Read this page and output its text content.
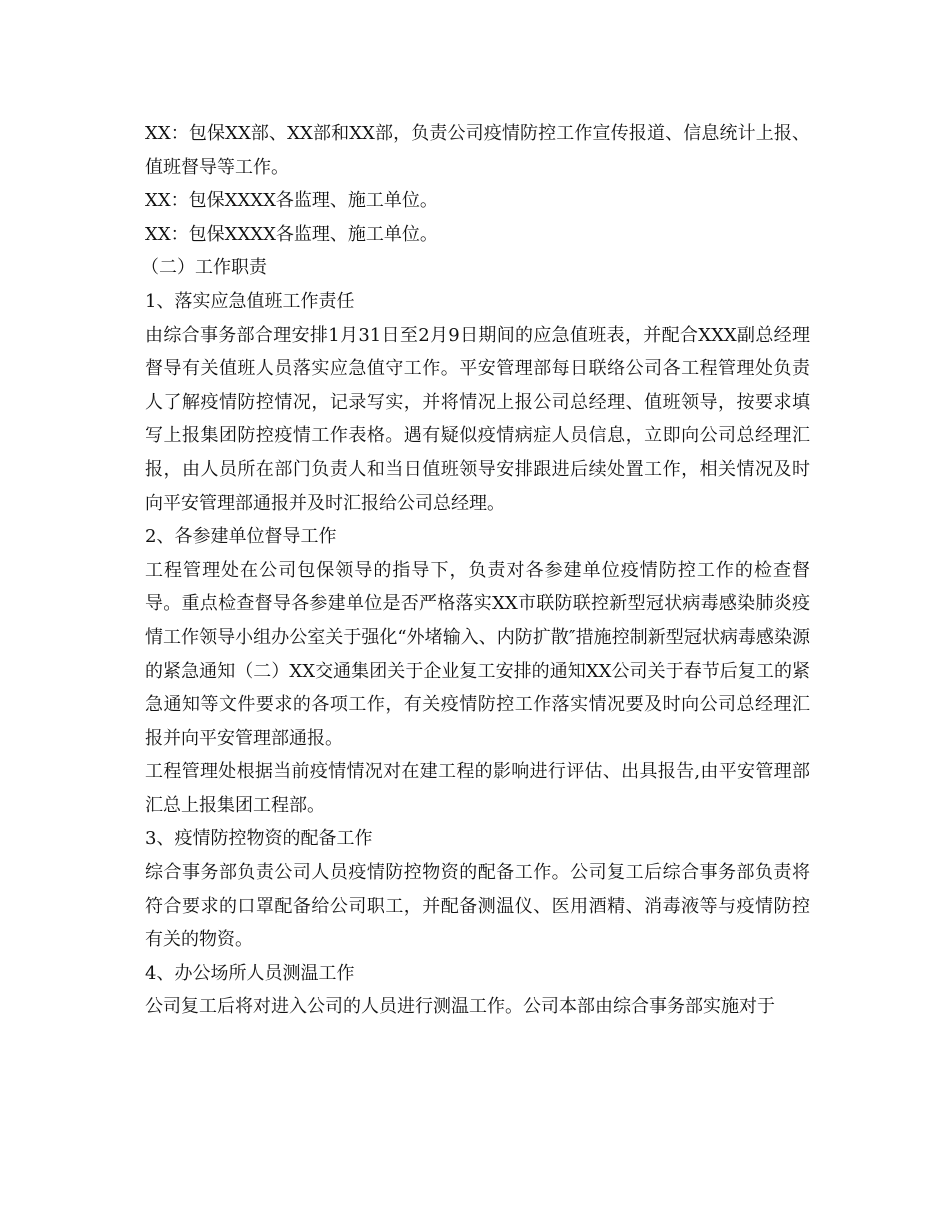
XX：包保XX部、XX部和XX部，负责公司疫情防控工作宣传报道、信息统计上报、值班督导等工作。

XX：包保XXXX各监理、施工单位。

XX：包保XXXX各监理、施工单位。

（二）工作职责

1、落实应急值班工作责任

由综合事务部合理安排1月31日至2月9日期间的应急值班表，并配合XXX副总经理督导有关值班人员落实应急值守工作。平安管理部每日联络公司各工程管理处负责人了解疫情防控情况，记录写实，并将情况上报公司总经理、值班领导，按要求填写上报集团防控疫情工作表格。遇有疑似疫情病症人员信息，立即向公司总经理汇报，由人员所在部门负责人和当日值班领导安排跟进后续处置工作，相关情况及时向平安管理部通报并及时汇报给公司总经理。

2、各参建单位督导工作

工程管理处在公司包保领导的指导下，负责对各参建单位疫情防控工作的检查督导。重点检查督导各参建单位是否严格落实XX市联防联控新型冠状病毒感染肺炎疫情工作领导小组办公室关于强化“外堵输入、内防扩散″措施控制新型冠状病毒感染源的紧急通知（二）XX交通集团关于企业复工安排的通知XX公司关于春节后复工的紧急通知等文件要求的各项工作，有关疫情防控工作落实情况要及时向公司总经理汇报并向平安管理部通报。

工程管理处根据当前疫情情况对在建工程的影响进行评估、出具报告,由平安管理部汇总上报集团工程部。

3、疫情防控物资的配备工作

综合事务部负责公司人员疫情防控物资的配备工作。公司复工后综合事务部负责将符合要求的口罩配备给公司职工，并配备测温仪、医用酒精、消毒液等与疫情防控有关的物资。

4、办公场所人员测温工作

公司复工后将对进入公司的人员进行测温工作。公司本部由综合事务部实施对于
